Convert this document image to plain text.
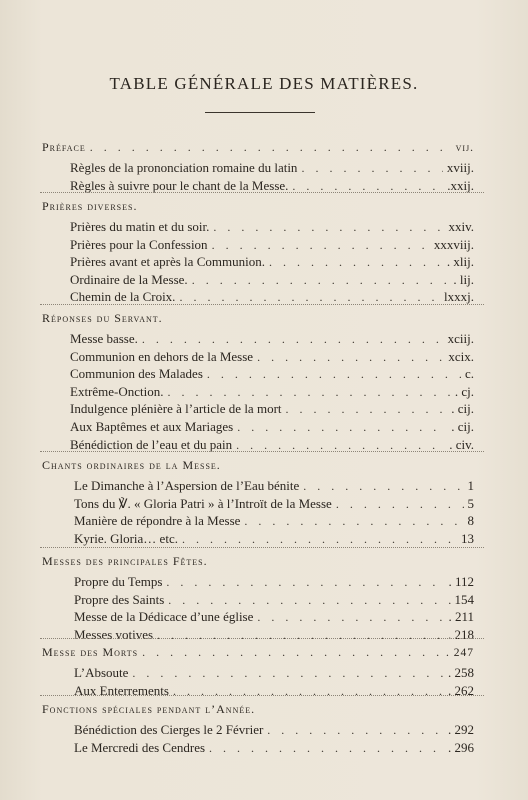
TABLE GÉNÉRALE DES MATIÈRES.
Préface .....	vij.
Règles de la prononciation romaine du latin .....	xviij.
Règles à suivre pour le chant de la Messe. .....	.xxij.
Prières diverses.
Prières du matin et du soir. .....	xxiv.
Prières pour la Confession .....	xxxviij.
Prières avant et après la Communion. .....	. xlij.
Ordinaire de la Messe. .....	. lij.
Chemin de la Croix. .....	lxxxj.
Réponses du Servant.
Messe basse. .....	xciij.
Communion en dehors de la Messe .....	xcix.
Communion des Malades .....	c.
Extrême-Onction. .....	. cj.
Indulgence plénière à l’article de la mort .....	. cij.
Aux Baptêmes et aux Mariages .....	. cij.
Bénédiction de l’eau et du pain .....	. civ.
Chants ordinaires de la Messe.
Le Dimanche à l’Aspersion de l’Eau bénite .....	1
Tons du ℣. « Gloria Patri » à l’Introït de la Messe .....	5
Manière de répondre à la Messe .....	8
Kyrie. Gloria… etc. .....	13
Messes des principales Fêtes.
Propre du Temps .....	. 112
Propre des Saints .....	154
Messe de la Dédicace d’une église .....	. 211
Messes votives .....	. 218
Messe des Morts .....	. 247
L’Absoute .....	. 258
Aux Enterrements .....	. 262
Fonctions spéciales pendant l’Année.
Bénédiction des Cierges le 2 Février .....	. 292
Le Mercredi des Cendres .....	. 296
